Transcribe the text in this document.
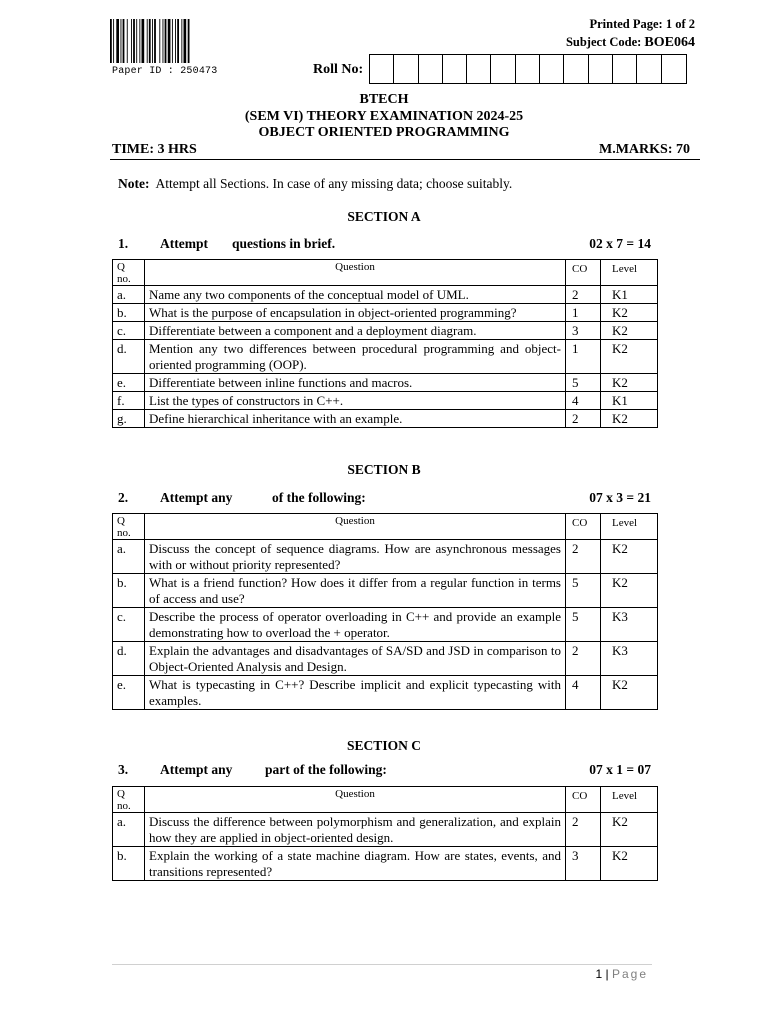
Paper ID : 250473
Printed Page: 1 of 2
Subject Code: BOE064
Roll No:
BTECH
(SEM VI) THEORY EXAMINATION 2024-25
OBJECT ORIENTED PROGRAMMING
TIME: 3 HRS	M.MARKS: 70
Note: Attempt all Sections. In case of any missing data; choose suitably.
SECTION A
1. Attempt questions in brief.	02 x 7 = 14
Q no.	Question	CO	Level
a.	Name any two components of the conceptual model of UML.	2	K1
b.	What is the purpose of encapsulation in object-oriented programming?	1	K2
c.	Differentiate between a component and a deployment diagram.	3	K2
d.	Mention any two differences between procedural programming and object-oriented programming (OOP).	1	K2
e.	Differentiate between inline functions and macros.	5	K2
f.	List the types of constructors in C++.	4	K1
g.	Define hierarchical inheritance with an example.	2	K2
SECTION B
2. Attempt any	of the following:	07 x 3 = 21
Q no.	Question	CO	Level
a.	Discuss the concept of sequence diagrams. How are asynchronous messages with or without priority represented?	2	K2
b.	What is a friend function? How does it differ from a regular function in terms of access and use?	5	K2
c.	Describe the process of operator overloading in C++ and provide an example demonstrating how to overload the + operator.	5	K3
d.	Explain the advantages and disadvantages of SA/SD and JSD in comparison to Object-Oriented Analysis and Design.	2	K3
e.	What is typecasting in C++? Describe implicit and explicit typecasting with examples.	4	K2
SECTION C
3. Attempt any part of the following:	07 x 1 = 07
Q no.	Question	CO	Level
a.	Discuss the difference between polymorphism and generalization, and explain how they are applied in object-oriented design.	2	K2
b.	Explain the working of a state machine diagram. How are states, events, and transitions represented?	3	K2
1 | Page
